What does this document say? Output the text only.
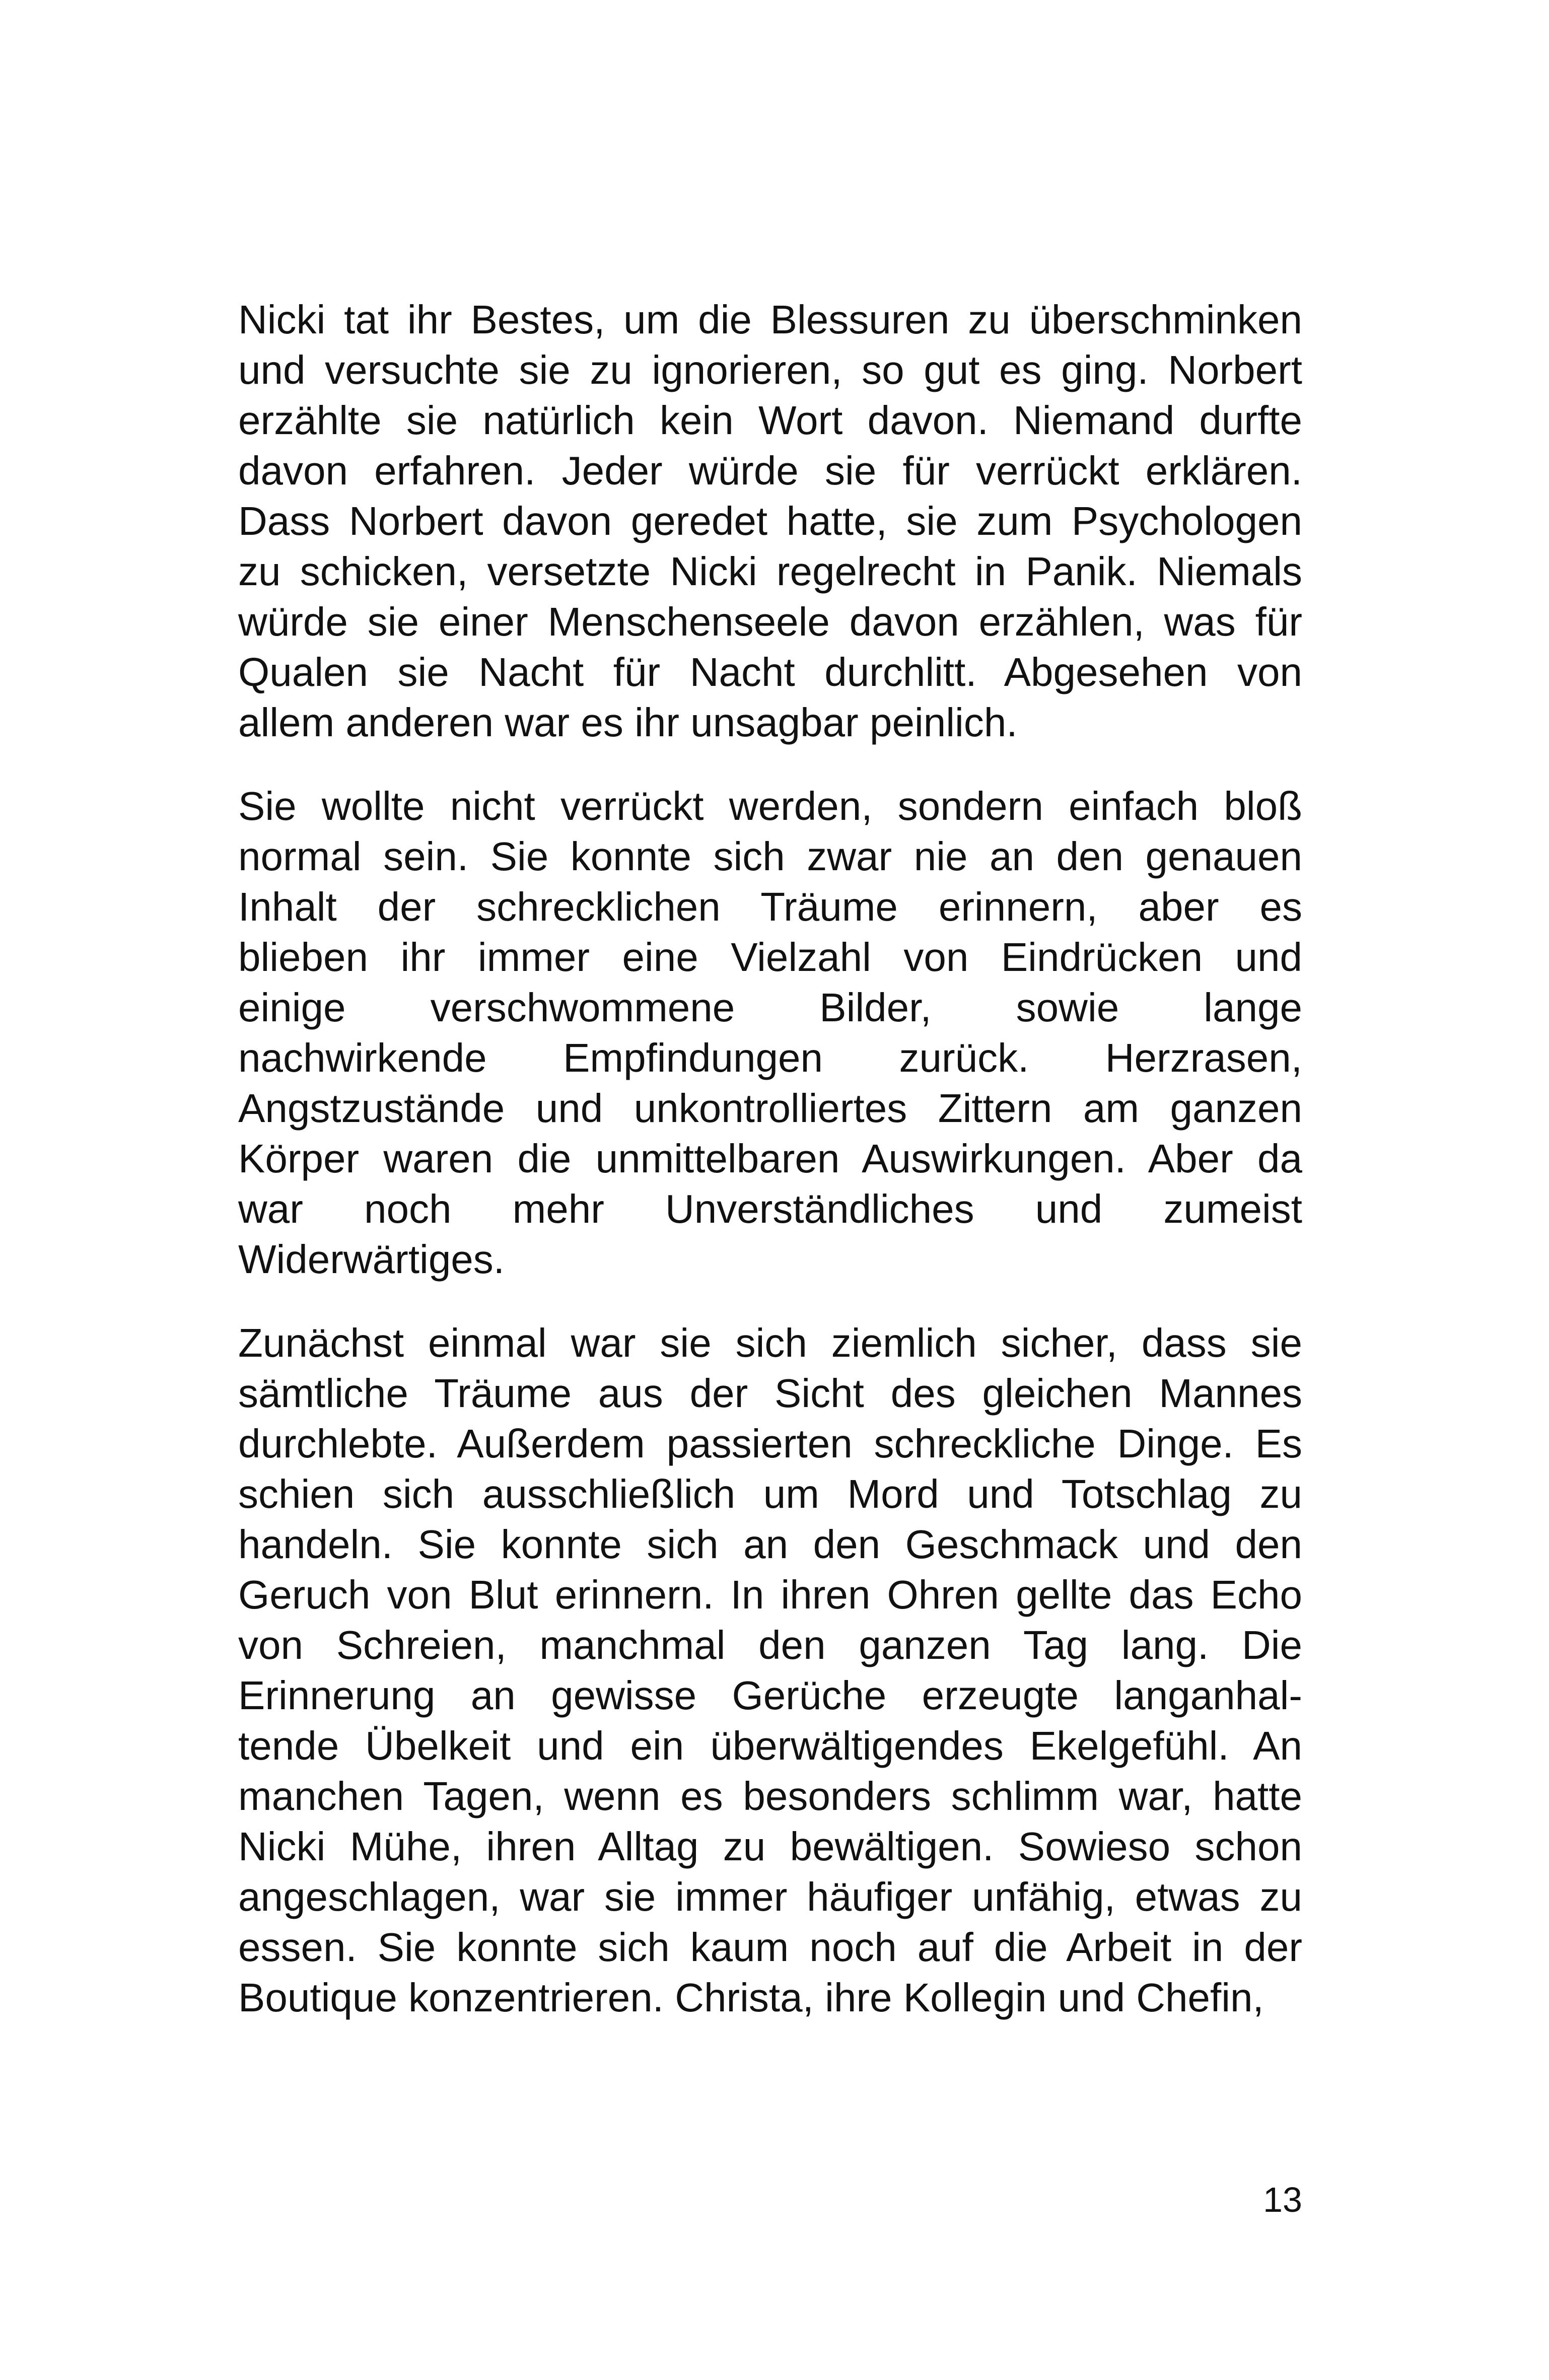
Nicki tat ihr Bestes, um die Blessuren zu überschminken
und versuchte sie zu ignorieren, so gut es ging. Norbert
erzählte sie natürlich kein Wort davon. Niemand durfte
davon erfahren. Jeder würde sie für verrückt erklären.
Dass Norbert davon geredet hatte, sie zum Psychologen
zu schicken, versetzte Nicki regelrecht in Panik. Niemals
würde sie einer Menschenseele davon erzählen, was für
Qualen sie Nacht für Nacht durchlitt. Abgesehen von
allem anderen war es ihr unsagbar peinlich.
Sie wollte nicht verrückt werden, sondern einfach bloß
normal sein. Sie konnte sich zwar nie an den genauen
Inhalt der schrecklichen Träume erinnern, aber es
blieben ihr immer eine Vielzahl von Eindrücken und
einige verschwommene Bilder, sowie lange
nachwirkende Empfindungen zurück. Herzrasen,
Angstzustände und unkontrolliertes Zittern am ganzen
Körper waren die unmittelbaren Auswirkungen. Aber da
war noch mehr Unverständliches und zumeist
Widerwärtiges.
Zunächst einmal war sie sich ziemlich sicher, dass sie
sämtliche Träume aus der Sicht des gleichen Mannes
durchlebte. Außerdem passierten schreckliche Dinge. Es
schien sich ausschließlich um Mord und Totschlag zu
handeln. Sie konnte sich an den Geschmack und den
Geruch von Blut erinnern. In ihren Ohren gellte das Echo
von Schreien, manchmal den ganzen Tag lang. Die
Erinnerung an gewisse Gerüche erzeugte langanhal-
tende Übelkeit und ein überwältigendes Ekelgefühl. An
manchen Tagen, wenn es besonders schlimm war, hatte
Nicki Mühe, ihren Alltag zu bewältigen. Sowieso schon
angeschlagen, war sie immer häufiger unfähig, etwas zu
essen. Sie konnte sich kaum noch auf die Arbeit in der
Boutique konzentrieren. Christa, ihre Kollegin und Chefin,
13
